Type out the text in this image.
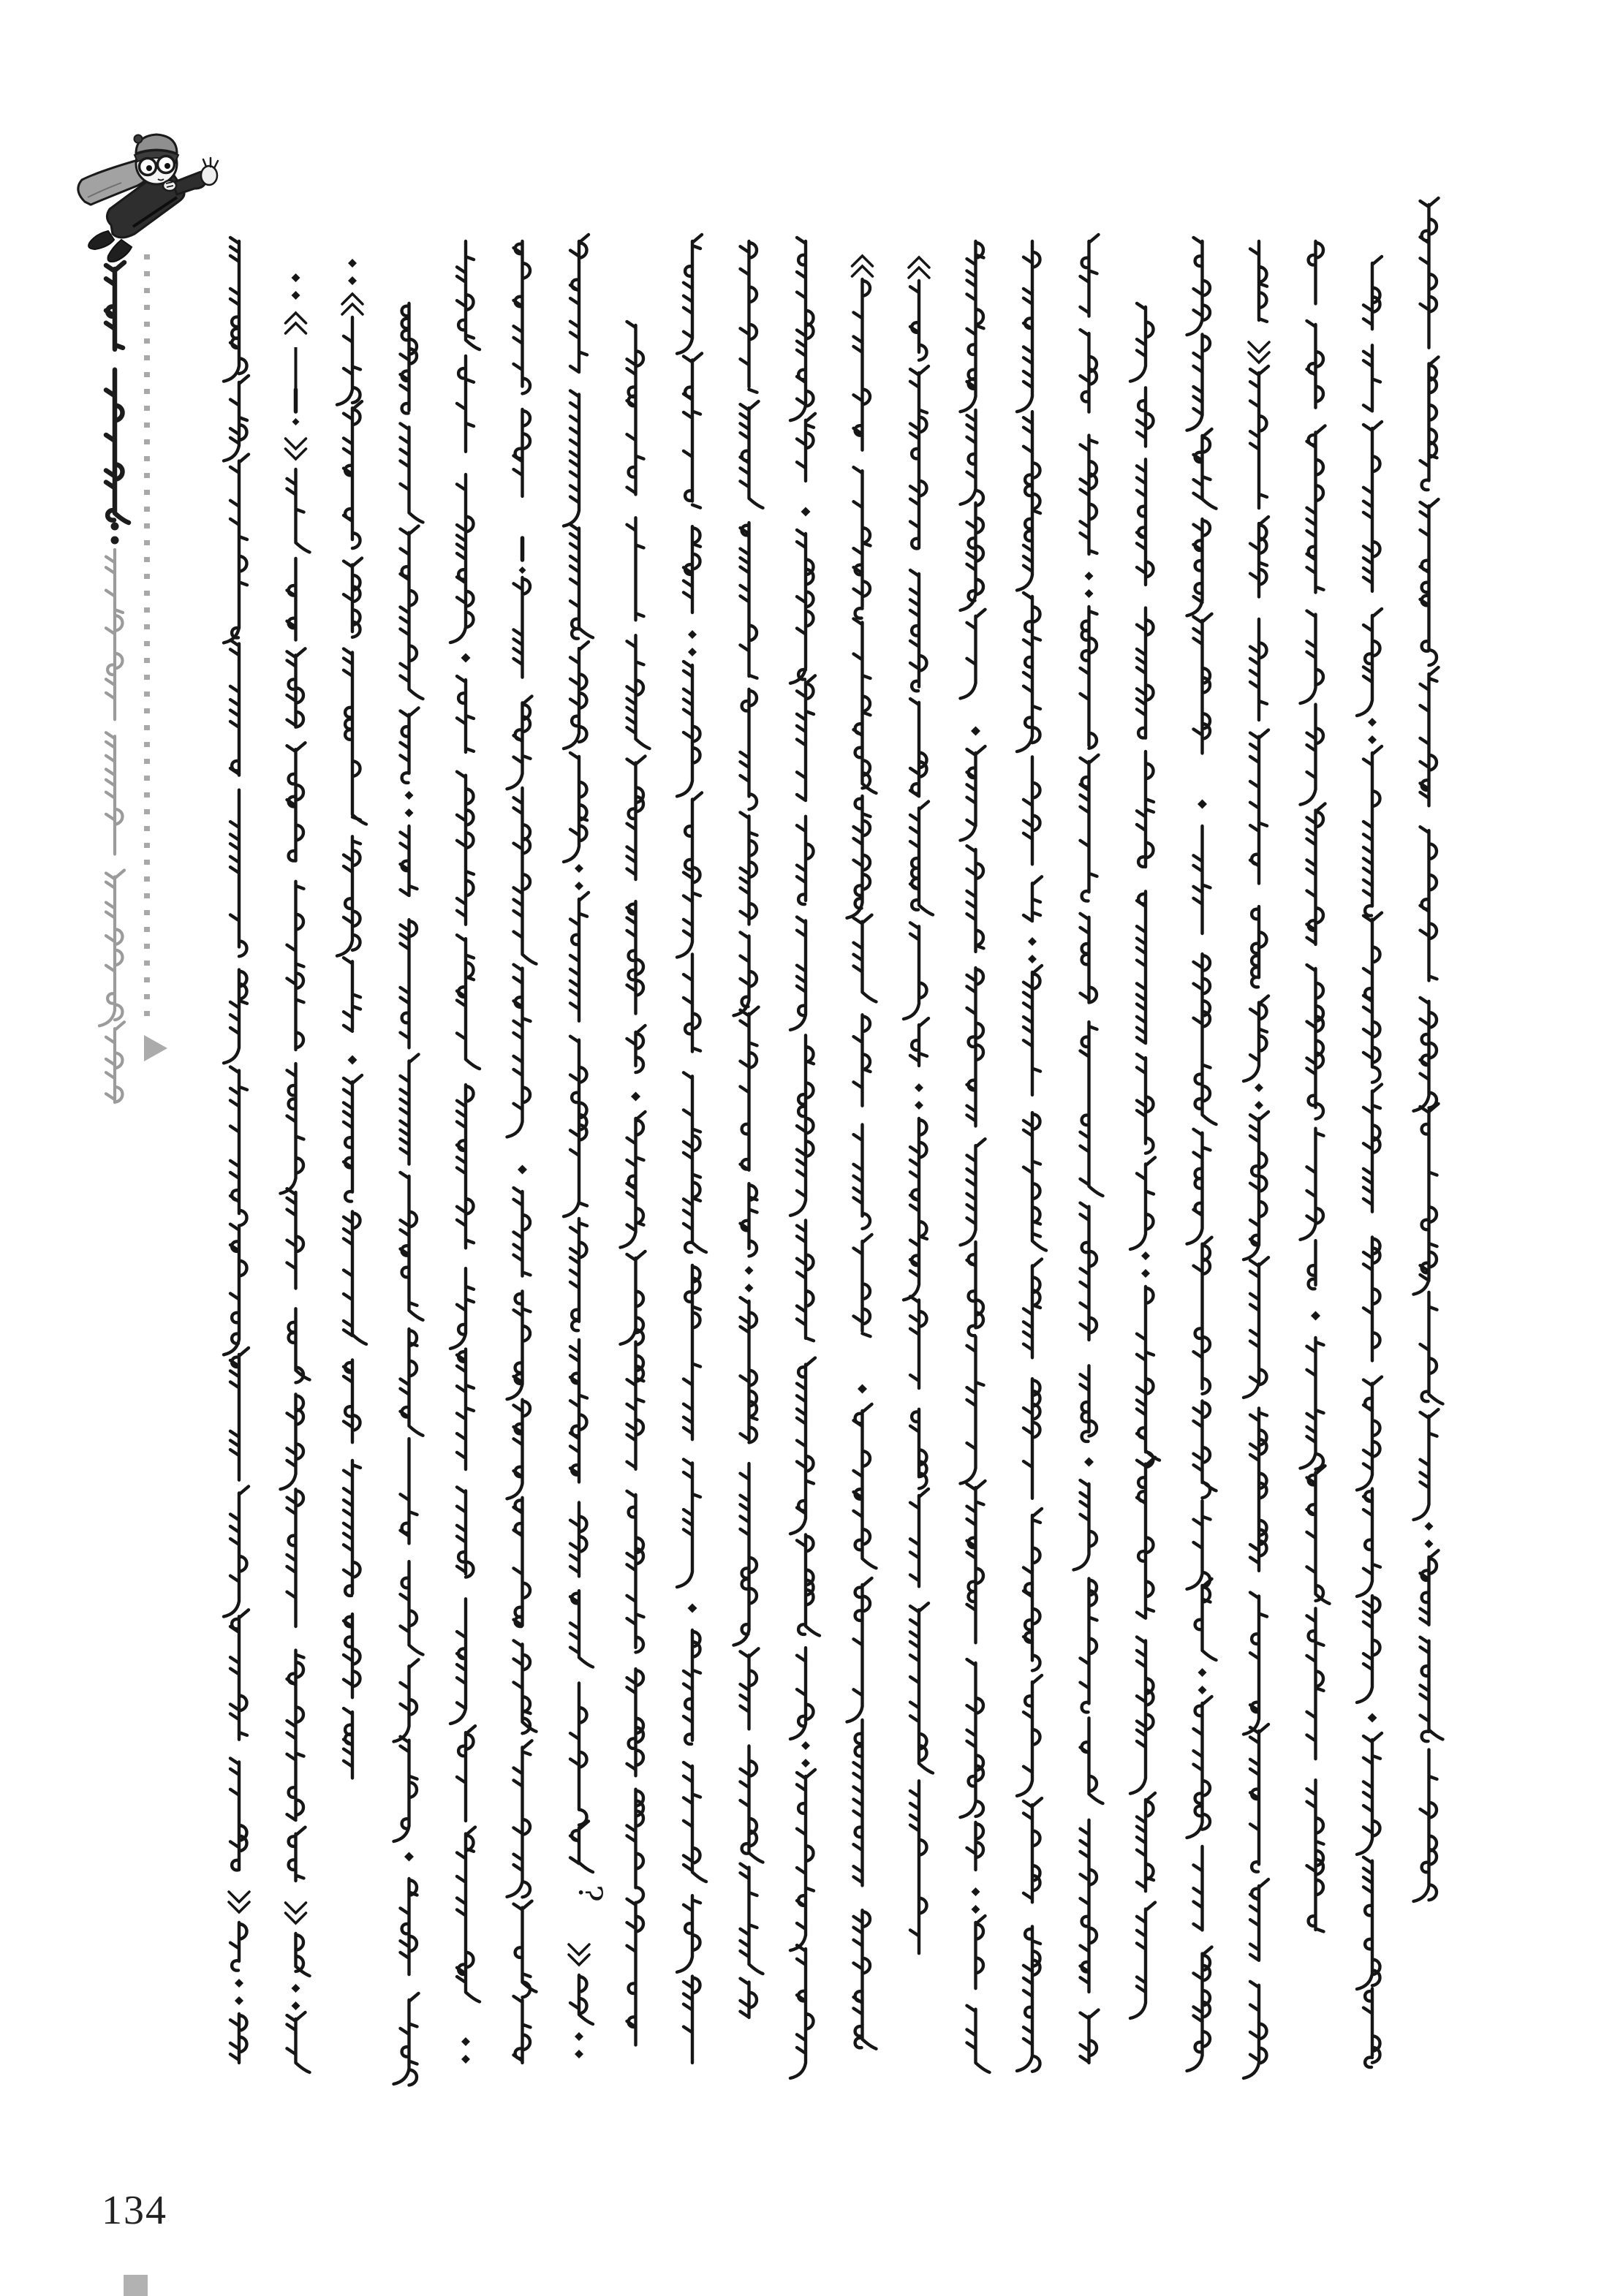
?
134
